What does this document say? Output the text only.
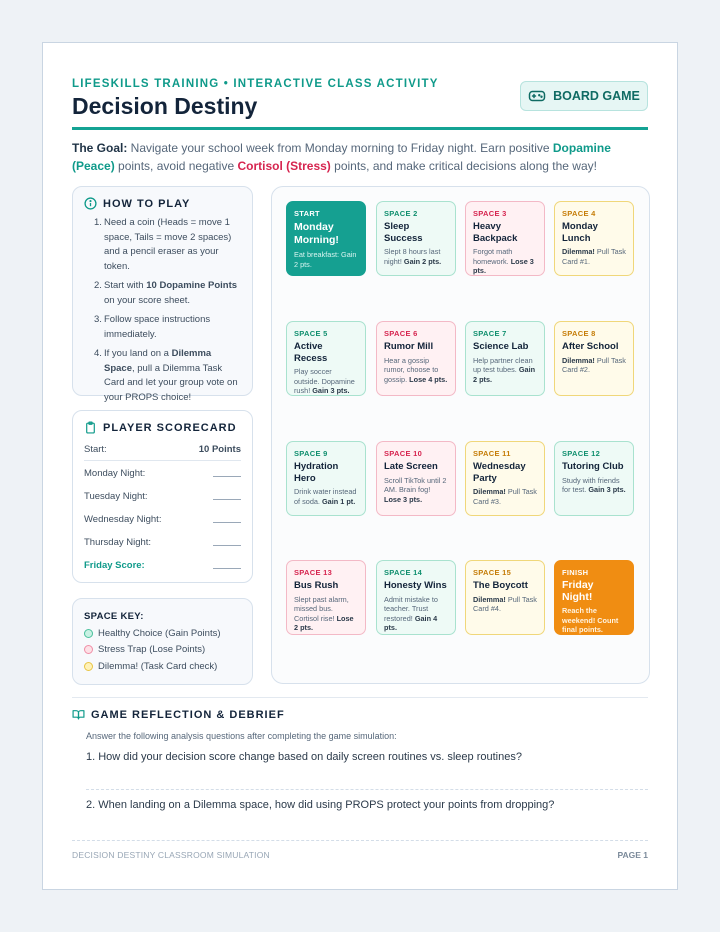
LIFESKILLS TRAINING • INTERACTIVE CLASS ACTIVITY
Decision Destiny	BOARD GAME

The Goal: Navigate your school week from Monday morning to Friday night. Earn positive Dopamine (Peace) points, avoid negative Cortisol (Stress) points, and make critical decisions along the way!

HOW TO PLAY
1. Need a coin (Heads = move 1 space, Tails = move 2 spaces) and a pencil eraser as your token.
2. Start with 10 Dopamine Points on your score sheet.
3. Follow space instructions immediately.
4. If you land on a Dilemma Space, pull a Dilemma Task Card and let your group vote on your PROPS choice!
PLAYER SCORECARD
Start:	10 Points
Monday Night:
Tuesday Night:
Wednesday Night:
Thursday Night:
Friday Score:
SPACE KEY:
Healthy Choice (Gain Points)
Stress Trap (Lose Points)
Dilemma! (Task Card check)
START
Monday Morning!
Eat breakfast: Gain 2 pts.
SPACE 2
Sleep Success
Slept 8 hours last night! Gain 2 pts.
SPACE 3
Heavy Backpack
Forgot math homework. Lose 3 pts.
SPACE 4
Monday Lunch
Dilemma! Pull Task Card #1.
SPACE 5
Active Recess
Play soccer outside. Dopamine rush! Gain 3 pts.
SPACE 6
Rumor Mill
Hear a gossip rumor, choose to gossip. Lose 4 pts.
SPACE 7
Science Lab
Help partner clean up test tubes. Gain 2 pts.
SPACE 8
After School
Dilemma! Pull Task Card #2.
SPACE 9
Hydration Hero
Drink water instead of soda. Gain 1 pt.
SPACE 10
Late Screen
Scroll TikTok until 2 AM. Brain fog! Lose 3 pts.
SPACE 11
Wednesday Party
Dilemma! Pull Task Card #3.
SPACE 12
Tutoring Club
Study with friends for test. Gain 3 pts.
SPACE 13
Bus Rush
Slept past alarm, missed bus. Cortisol rise! Lose 2 pts.
SPACE 14
Honesty Wins
Admit mistake to teacher. Trust restored! Gain 4 pts.
SPACE 15
The Boycott
Dilemma! Pull Task Card #4.
FINISH
Friday Night!
Reach the weekend! Count final points.
GAME REFLECTION & DEBRIEF
Answer the following analysis questions after completing the game simulation:
1. How did your decision score change based on daily screen routines vs. sleep routines?
2. When landing on a Dilemma space, how did using PROPS protect your points from dropping?
DECISION DESTINY CLASSROOM SIMULATION	PAGE 1
